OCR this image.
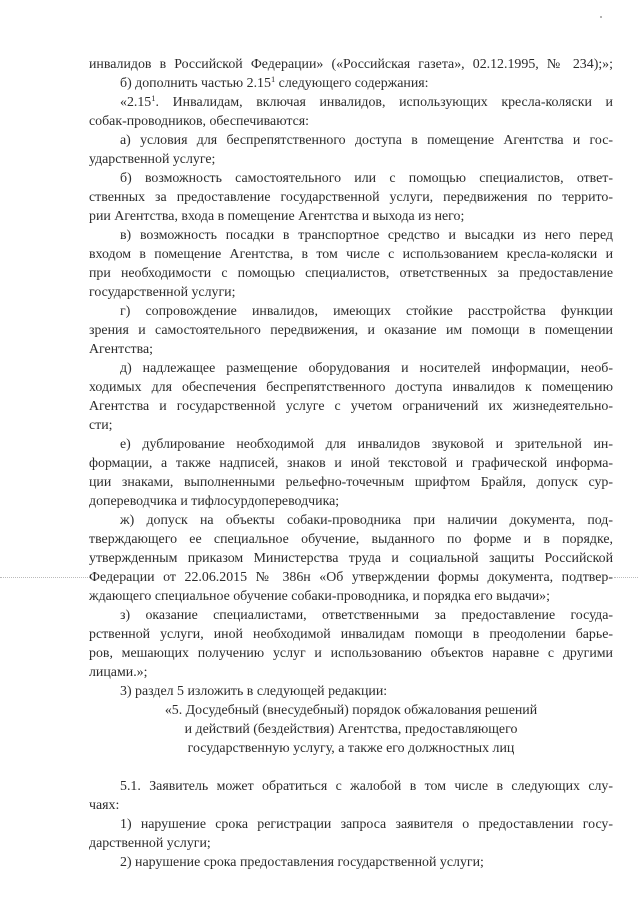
инвалидов в Российской Федерации» («Российская газета», 02.12.1995, № 234);»;
б) дополнить частью 2.15$^1$ следующего содержания:
«2.15$^1$. Инвалидам, включая инвалидов, использующих кресла-коляски и
собак-проводников, обеспечиваются:
а) условия для беспрепятственного доступа в помещение Агентства и гос-
ударственной услуге;
б) возможность самостоятельного или с помощью специалистов, ответ-
ственных за предоставление государственной услуги, передвижения по террито-
рии Агентства, входа в помещение Агентства и выхода из него;
в) возможность посадки в транспортное средство и высадки из него перед
входом в помещение Агентства, в том числе с использованием кресла-коляски и
при необходимости с помощью специалистов, ответственных за предоставление
государственной услуги;
г) сопровождение инвалидов, имеющих стойкие расстройства функции
зрения и самостоятельного передвижения, и оказание им помощи в помещении
Агентства;
д) надлежащее размещение оборудования и носителей информации, необ-
ходимых для обеспечения беспрепятственного доступа инвалидов к помещению
Агентства и государственной услуге с учетом ограничений их жизнедеятельно-
сти;
е) дублирование необходимой для инвалидов звуковой и зрительной ин-
формации, а также надписей, знаков и иной текстовой и графической информа-
ции знаками, выполненными рельефно-точечным шрифтом Брайля, допуск сур-
допереводчика и тифлосурдопереводчика;
ж) допуск на объекты собаки-проводника при наличии документа, под-
тверждающего ее специальное обучение, выданного по форме и в порядке,
утвержденным приказом Министерства труда и социальной защиты Российской
Федерации от 22.06.2015 № 386н «Об утверждении формы документа, подтвер-
ждающего специальное обучение собаки-проводника, и порядка его выдачи»;
з) оказание специалистами, ответственными за предоставление госуда-
рственной услуги, иной необходимой инвалидам помощи в преодолении барье-
ров, мешающих получению услуг и использованию объектов наравне с другими
лицами.»;
3) раздел 5 изложить в следующей редакции:
«5. Досудебный (внесудебный) порядок обжалования решений
и действий (бездействия) Агентства, предоставляющего
государственную услугу, а также его должностных лиц
5.1. Заявитель может обратиться с жалобой в том числе в следующих слу-
чаях:
1) нарушение срока регистрации запроса заявителя о предоставлении госу-
дарственной услуги;
2) нарушение срока предоставления государственной услуги;
